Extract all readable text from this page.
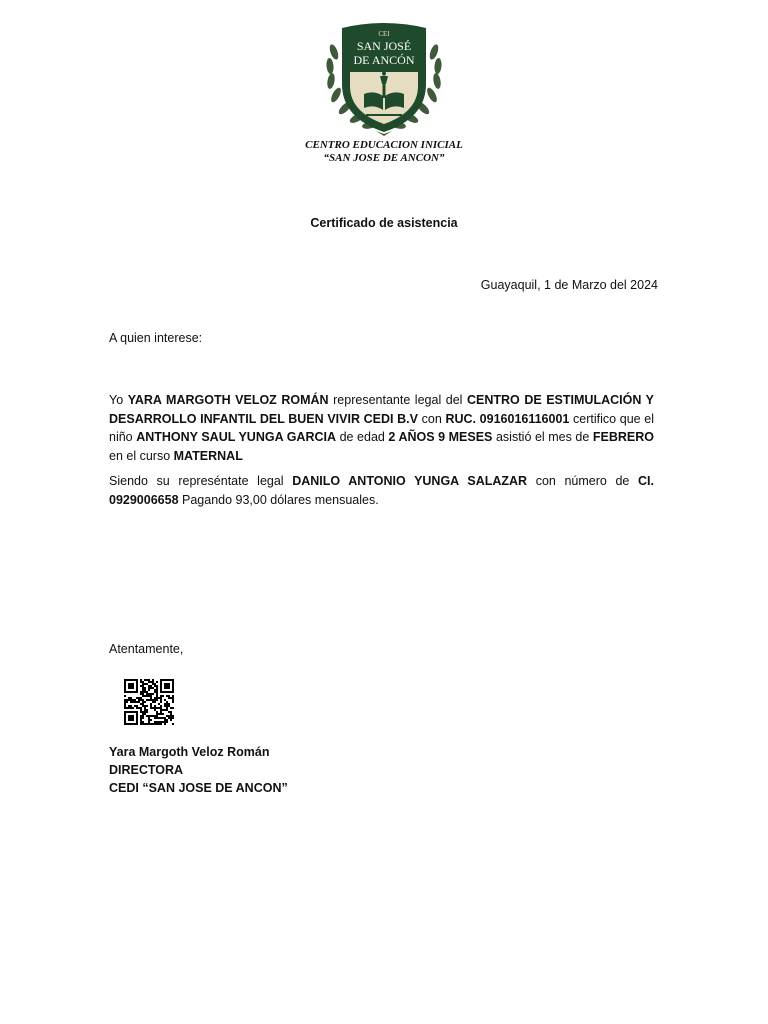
CEI
SAN JOSÉ
DE ANCÓN
CENTRO EDUCACION INICIAL
“SAN JOSE DE ANCON”
Certificado de asistencia
Guayaquil, 1 de Marzo del 2024
A quien interese:

Yo YARA MARGOTH VELOZ ROMÁN representante legal del CENTRO DE ESTIMULACIÓN Y DESARROLLO INFANTIL DEL BUEN VIVIR CEDI B.V con RUC. 0916016116001 certifico que el niño ANTHONY SAUL YUNGA GARCIA de edad 2 AÑOS 9 MESES asistió el mes de FEBRERO en el curso MATERNAL

Siendo su represéntate legal DANILO ANTONIO YUNGA SALAZAR con número de CI. 0929006658 Pagando 93,00 dólares mensuales.

Atentamente,
Yara Margoth Veloz Román
DIRECTORA
CEDI “SAN JOSE DE ANCON”
